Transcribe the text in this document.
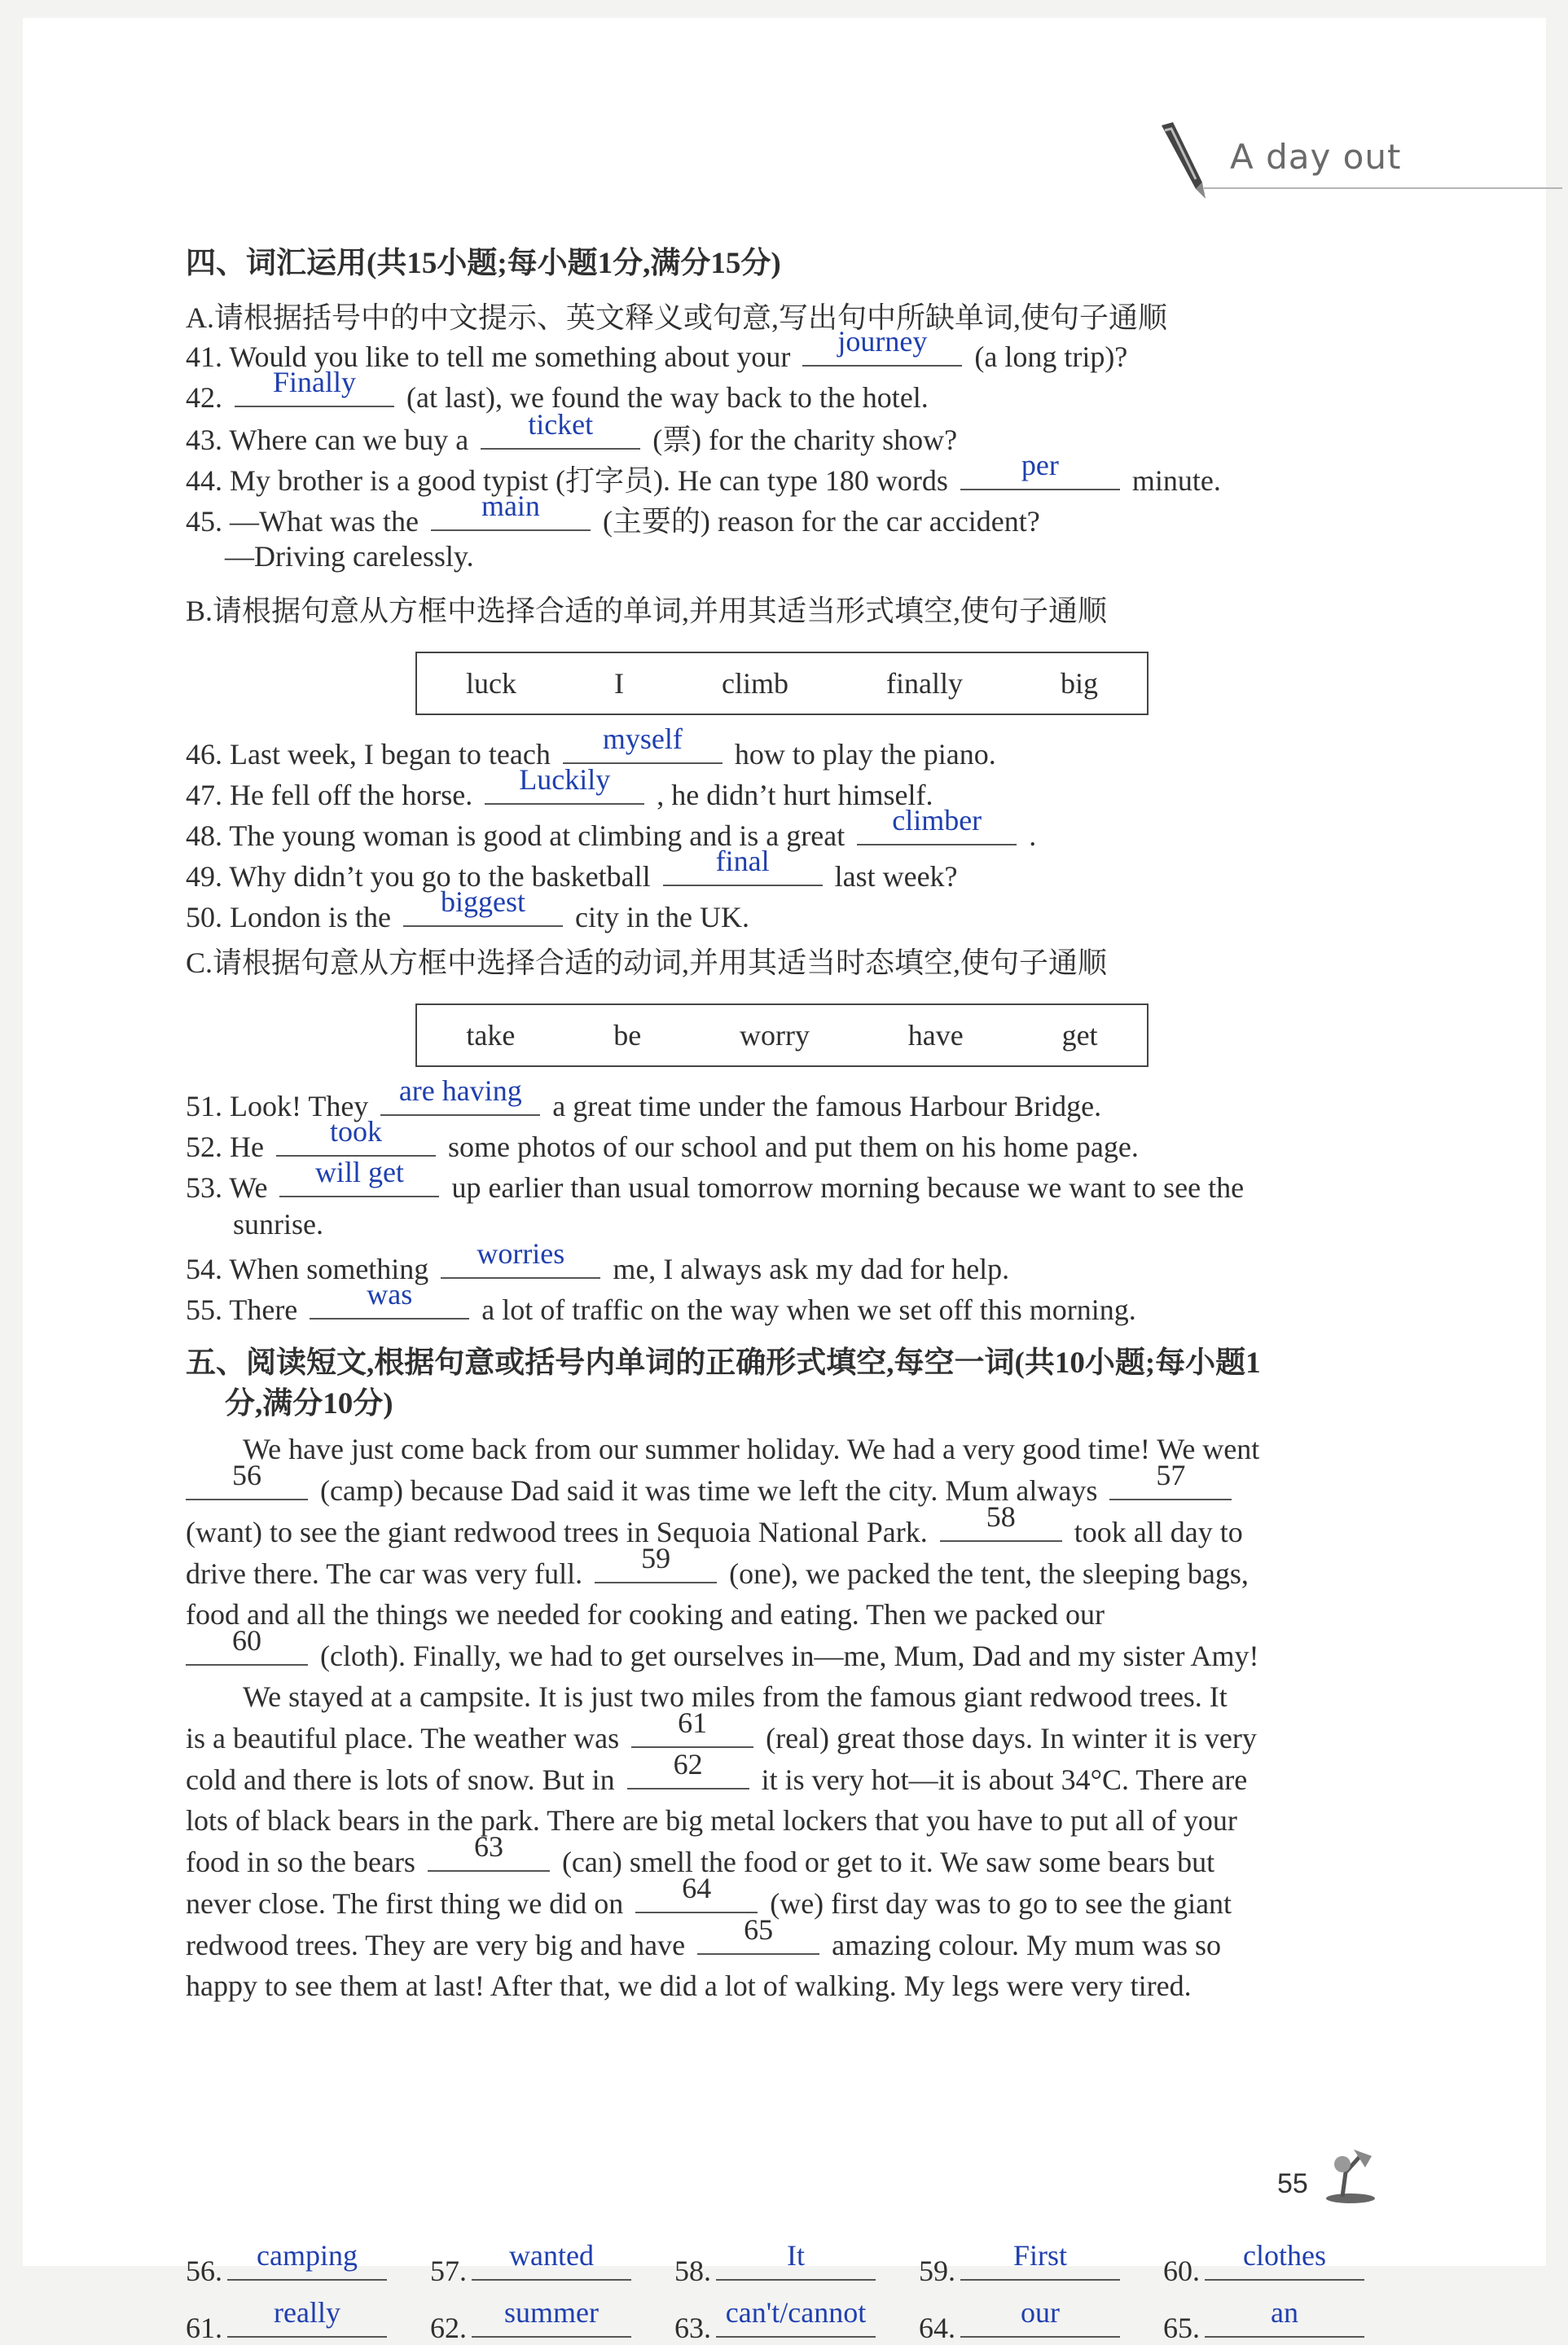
A day out
四、词汇运用(共15小题;每小题1分,满分15分)
A.请根据括号中的中文提示、英文释义或句意,写出句中所缺单词,使句子通顺
41. Would you like to tell me something about your	journey	(a long trip)?
42.	Finally	(at last), we found the way back to the hotel.
43. Where can we buy a	ticket	(票) for the charity show?
44. My brother is a good typist (打字员). He can type 180 words	per	minute.
45. —What was the	main	(主要的) reason for the car accident?
—Driving carelessly.
B.请根据句意从方框中选择合适的单词,并用其适当形式填空,使句子通顺
luck	I	climb	finally	big
46. Last week, I began to teach	myself	how to play the piano.
47. He fell off the horse.	Luckily	, he didn’t hurt himself.
48. The young woman is good at climbing and is a great	climber	.
49. Why didn’t you go to the basketball	final	last week?
50. London is the	biggest	city in the UK.
C.请根据句意从方框中选择合适的动词,并用其适当时态填空,使句子通顺
take	be	worry	have	get
51. Look! They	are having	a great time under the famous Harbour Bridge.
52. He	took	some photos of our school and put them on his home page.
53. We	will get	up earlier than usual tomorrow morning because we want to see the
sunrise.
54. When something	worries	me, I always ask my dad for help.
55. There	was	a lot of traffic on the way when we set off this morning.
五、阅读短文,根据句意或括号内单词的正确形式填空,每空一词(共10小题;每小题1
分,满分10分)
We have just come back from our summer holiday. We had a very good time! We went
56	(camp) because Dad said it was time we left the city. Mum always	57
(want) to see the giant redwood trees in Sequoia National Park.	58	took all day to
drive there. The car was very full.	59	(one), we packed the tent, the sleeping bags,
food and all the things we needed for cooking and eating. Then we packed our
60	(cloth). Finally, we had to get ourselves in—me, Mum, Dad and my sister Amy!
We stayed at a campsite. It is just two miles from the famous giant redwood trees. It
is a beautiful place. The weather was	61	(real) great those days. In winter it is very
cold and there is lots of snow. But in	62	it is very hot—it is about 34°C. There are
lots of black bears in the park. There are big metal lockers that you have to put all of your
food in so the bears	63	(can) smell the food or get to it. We saw some bears but
never close. The first thing we did on	64	(we) first day was to go to see the giant
redwood trees. They are very big and have	65	amazing colour. My mum was so
happy to see them at last! After that, we did a lot of walking. My legs were very tired.
56.	camping	57.	wanted	58.	It	59.	First	60.	clothes
61.	really	62.	summer	63. can't/cannot	64.	our	65.	an
55
